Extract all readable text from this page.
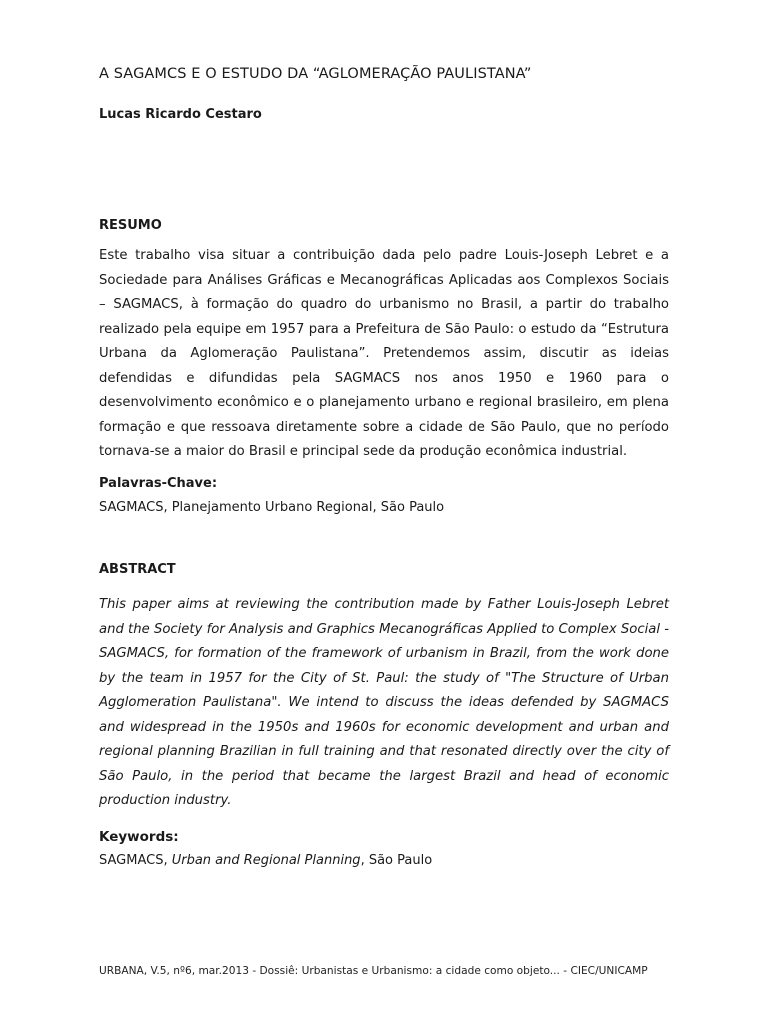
A SAGAMCS E O ESTUDO DA “AGLOMERAÇÃO PAULISTANA”
Lucas Ricardo Cestaro
RESUMO
Este trabalho visa situar a contribuição dada pelo padre Louis-Joseph Lebret e a Sociedade para Análises Gráficas e Mecanográficas Aplicadas aos Complexos Sociais – SAGMACS, à formação do quadro do urbanismo no Brasil, a partir do trabalho realizado pela equipe em 1957 para a Prefeitura de São Paulo: o estudo da “Estrutura Urbana da Aglomeração Paulistana”. Pretendemos assim, discutir as ideias defendidas e difundidas pela SAGMACS nos anos 1950 e 1960 para o desenvolvimento econômico e o planejamento urbano e regional brasileiro, em plena formação e que ressoava diretamente sobre a cidade de São Paulo, que no período tornava-se a maior do Brasil e principal sede da produção econômica industrial.
Palavras-Chave:
SAGMACS, Planejamento Urbano Regional, São Paulo
ABSTRACT
This paper aims at reviewing the contribution made by Father Louis-Joseph Lebret and the Society for Analysis and Graphics Mecanográficas Applied to Complex Social - SAGMACS, for formation of the framework of urbanism in Brazil, from the work done by the team in 1957 for the City of St. Paul: the study of "The Structure of Urban Agglomeration Paulistana". We intend to discuss the ideas defended by SAGMACS and widespread in the 1950s and 1960s for economic development and urban and regional planning Brazilian in full training and that resonated directly over the city of São Paulo, in the period that became the largest Brazil and head of economic production industry.
Keywords:
SAGMACS, Urban and Regional Planning, São Paulo
URBANA, V.5, nº6, mar.2013 - Dossiê: Urbanistas e Urbanismo: a cidade como objeto... - CIEC/UNICAMP
